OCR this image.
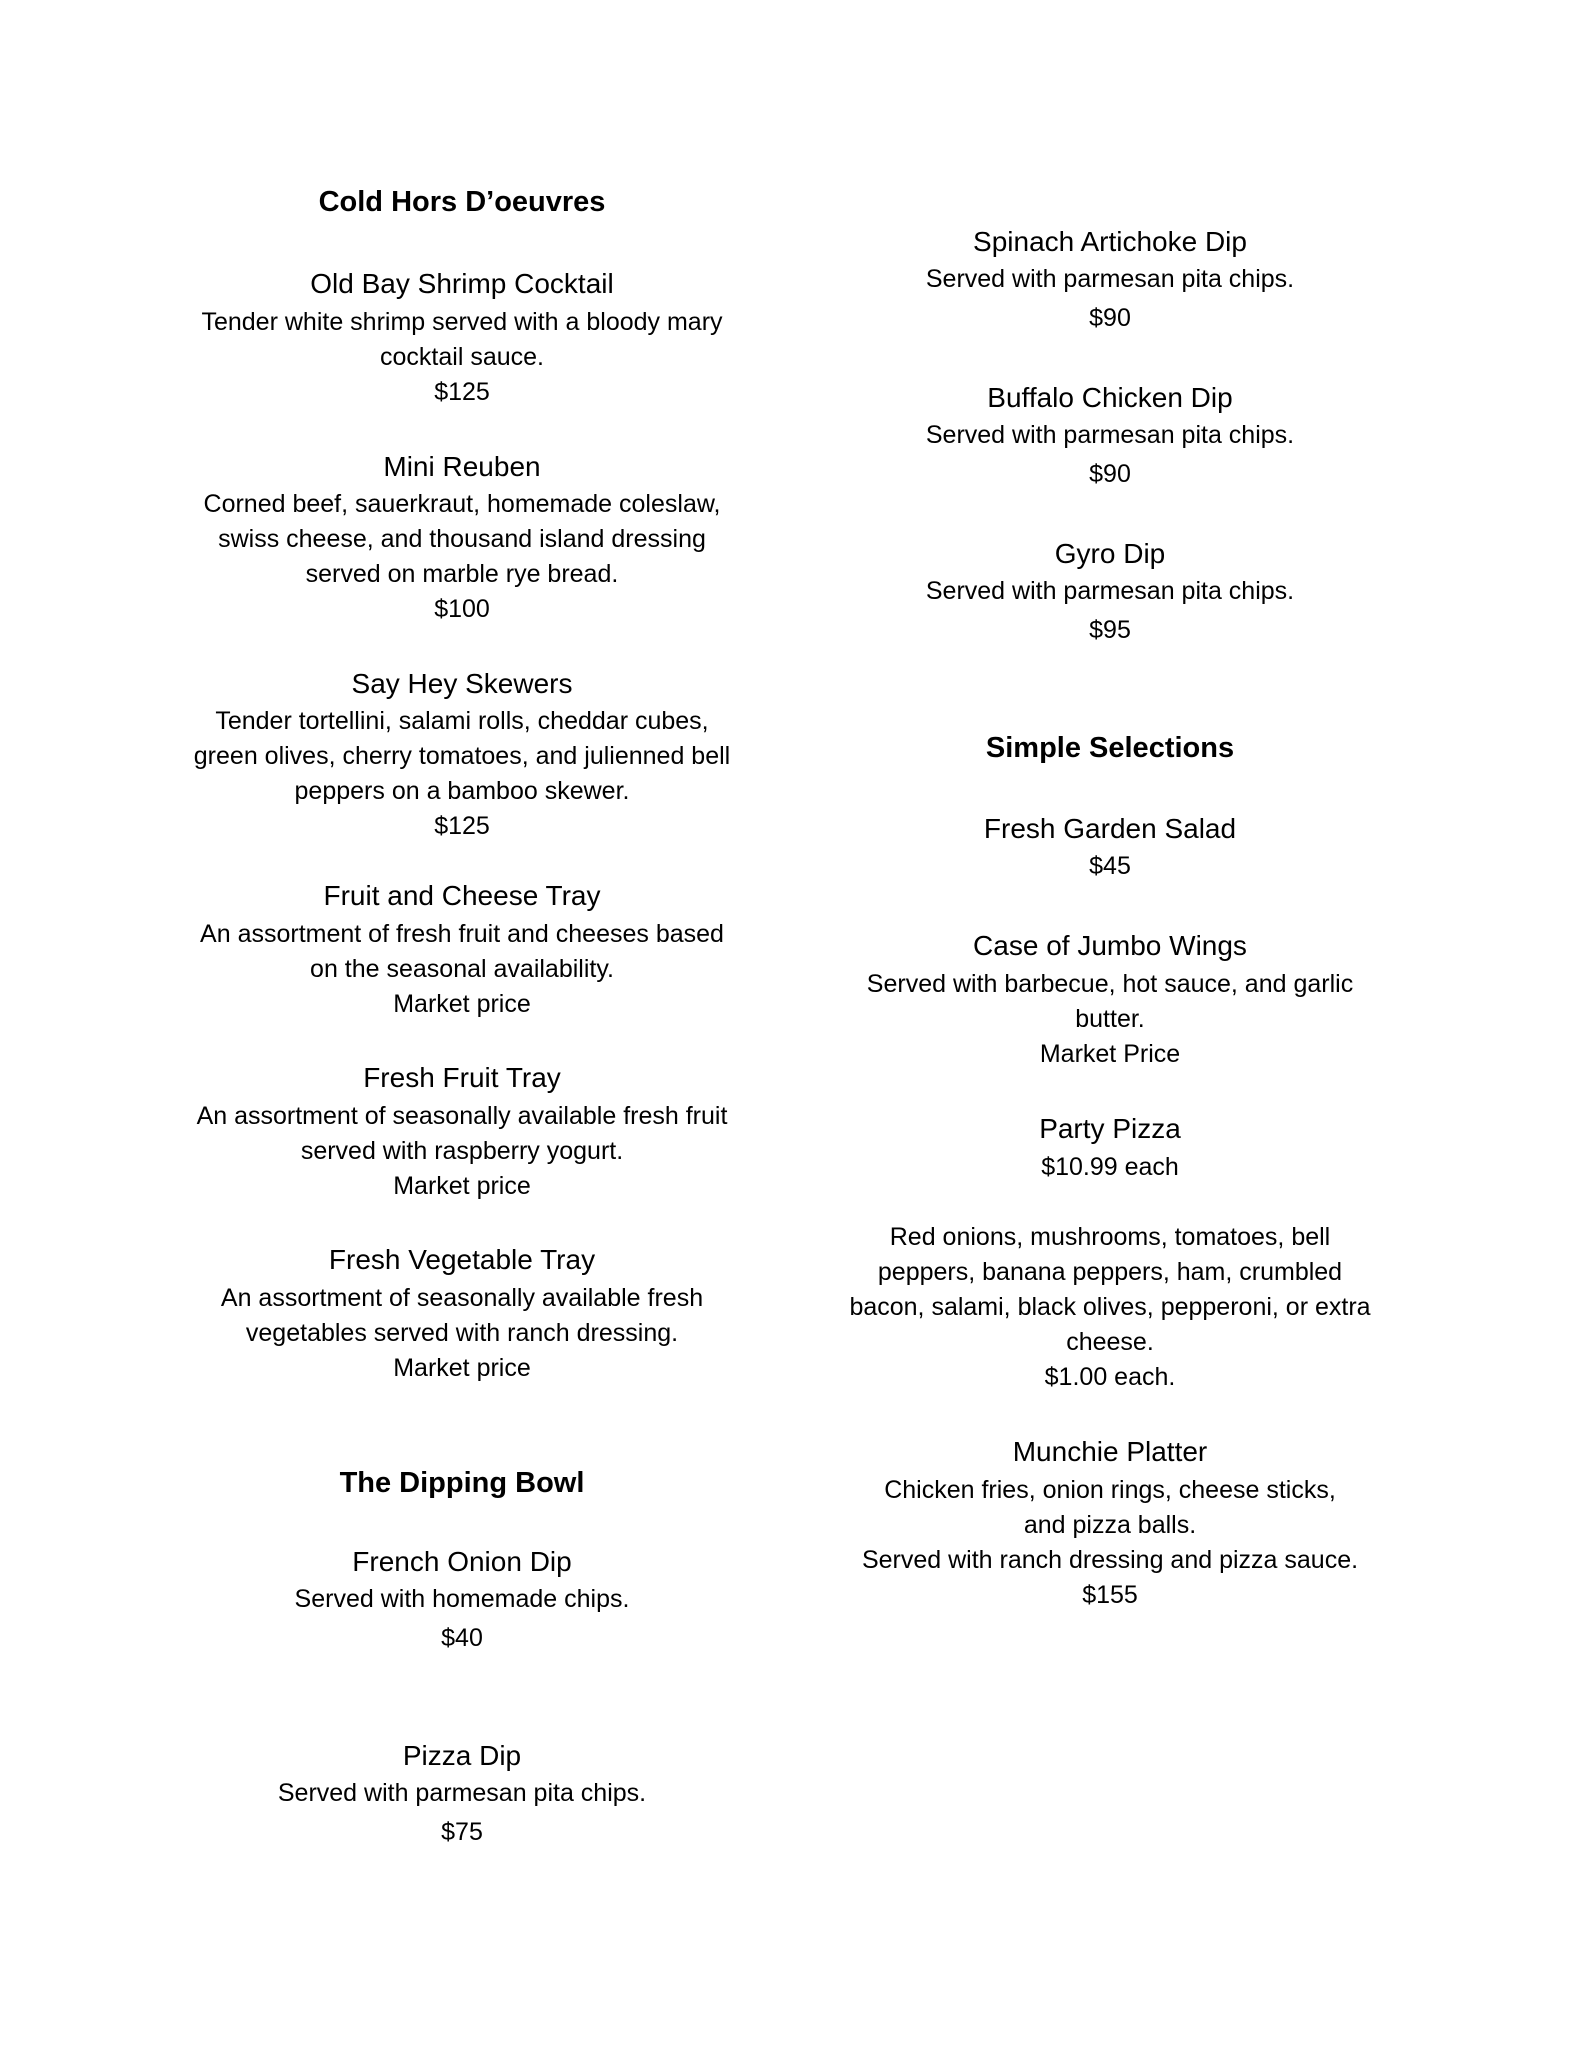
Cold Hors D’oeuvres
Old Bay Shrimp Cocktail
Tender white shrimp served with a bloody mary
cocktail sauce.
$125
Mini Reuben
Corned beef, sauerkraut, homemade coleslaw,
swiss cheese, and thousand island dressing
served on marble rye bread.
$100
Say Hey Skewers
Tender tortellini, salami rolls, cheddar cubes,
green olives, cherry tomatoes, and julienned bell
peppers on a bamboo skewer.
$125
Fruit and Cheese Tray
An assortment of fresh fruit and cheeses based
on the seasonal availability.
Market price
Fresh Fruit Tray
An assortment of seasonally available fresh fruit
served with raspberry yogurt.
Market price
Fresh Vegetable Tray
An assortment of seasonally available fresh
vegetables served with ranch dressing.
Market price
The Dipping Bowl
French Onion Dip
Served with homemade chips.
$40
Pizza Dip
Served with parmesan pita chips.
$75
Spinach Artichoke Dip
Served with parmesan pita chips.
$90
Buffalo Chicken Dip
Served with parmesan pita chips.
$90
Gyro Dip
Served with parmesan pita chips.
$95
Simple Selections
Fresh Garden Salad
$45
Case of Jumbo Wings
Served with barbecue, hot sauce, and garlic
butter.
Market Price
Party Pizza
$10.99 each
Red onions, mushrooms, tomatoes, bell
peppers, banana peppers, ham, crumbled
bacon, salami, black olives, pepperoni, or extra
cheese.
$1.00 each.
Munchie Platter
Chicken fries, onion rings, cheese sticks,
and pizza balls.
Served with ranch dressing and pizza sauce.
$155
